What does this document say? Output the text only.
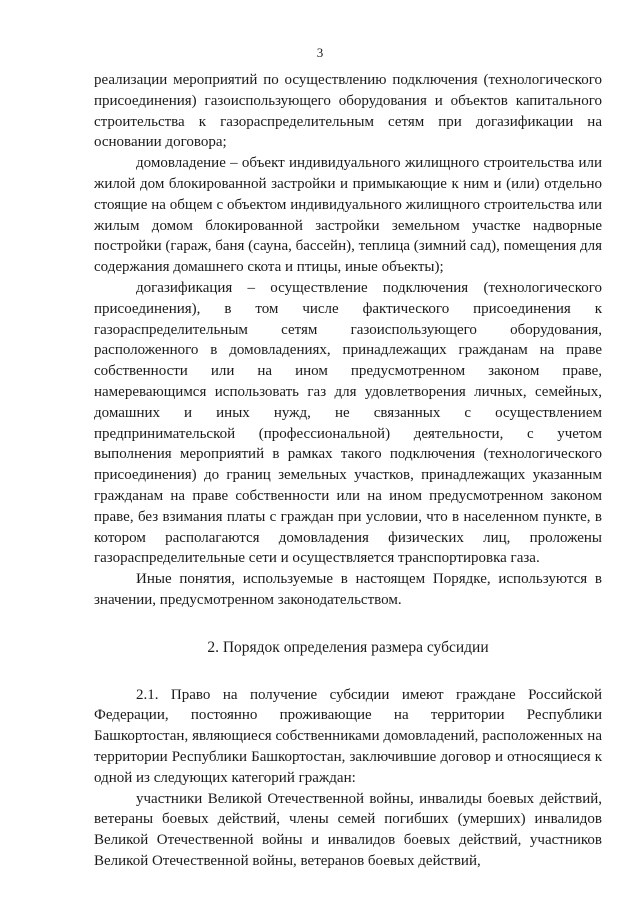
3

реализации мероприятий по осуществлению подключения (технологического присоединения) газоиспользующего оборудования и объектов капитального строительства к газораспределительным сетям при догазификации на основании договора;

домовладение – объект индивидуального жилищного строительства или жилой дом блокированной застройки и примыкающие к ним и (или) отдельно стоящие на общем с объектом индивидуального жилищного строительства или жилым домом блокированной застройки земельном участке надворные постройки (гараж, баня (сауна, бассейн), теплица (зимний сад), помещения для содержания домашнего скота и птицы, иные объекты);

догазификация – осуществление подключения (технологического присоединения), в том числе фактического присоединения к газораспределительным сетям газоиспользующего оборудования, расположенного в домовладениях, принадлежащих гражданам на праве собственности или на ином предусмотренном законом праве, намеревающимся использовать газ для удовлетворения личных, семейных, домашних и иных нужд, не связанных с осуществлением предпринимательской (профессиональной) деятельности, с учетом выполнения мероприятий в рамках такого подключения (технологического присоединения) до границ земельных участков, принадлежащих указанным гражданам на праве собственности или на ином предусмотренном законом праве, без взимания платы с граждан при условии, что в населенном пункте, в котором располагаются домовладения физических лиц, проложены газораспределительные сети и осуществляется транспортировка газа.

Иные понятия, используемые в настоящем Порядке, используются в значении, предусмотренном законодательством.

2. Порядок определения размера субсидии

2.1. Право на получение субсидии имеют граждане Российской Федерации, постоянно проживающие на территории Республики Башкортостан, являющиеся собственниками домовладений, расположенных на территории Республики Башкортостан, заключившие договор и относящиеся к одной из следующих категорий граждан:

участники Великой Отечественной войны, инвалиды боевых действий, ветераны боевых действий, члены семей погибших (умерших) инвалидов Великой Отечественной войны и инвалидов боевых действий, участников Великой Отечественной войны, ветеранов боевых действий,
